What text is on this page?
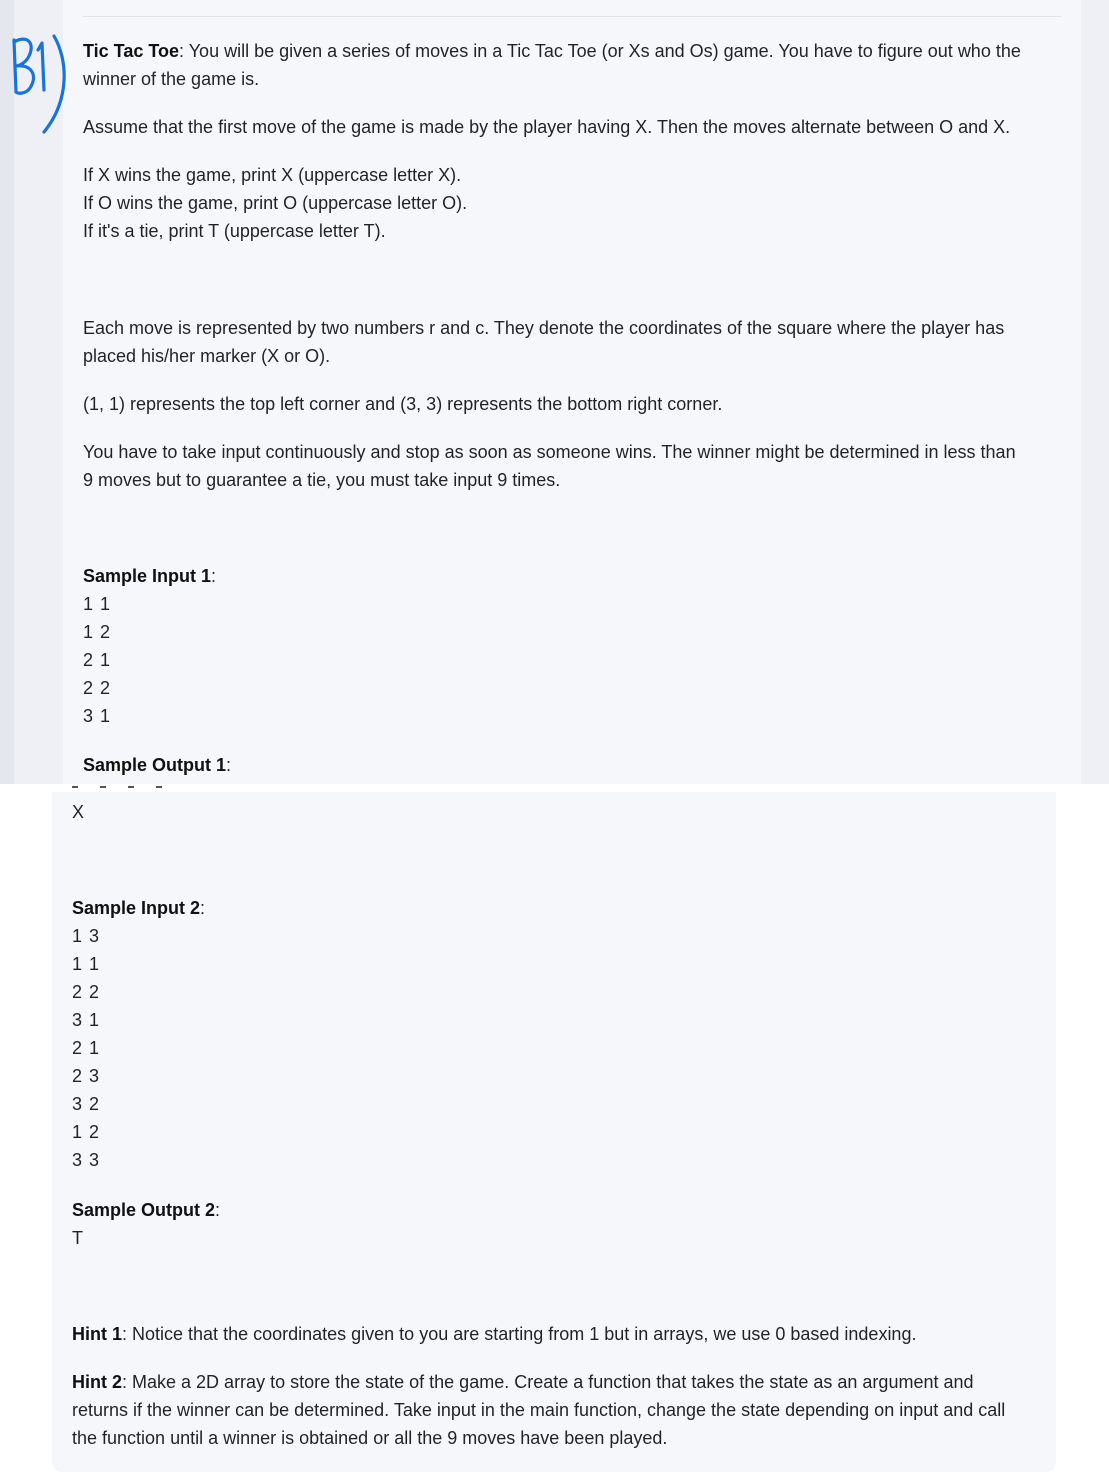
Tic Tac Toe: You will be given a series of moves in a Tic Tac Toe (or Xs and Os) game. You have to figure out who the

winner of the game is.

Assume that the first move of the game is made by the player having X. Then the moves alternate between O and X.

If X wins the game, print X (uppercase letter X).

If O wins the game, print O (uppercase letter O).

If it's a tie, print T (uppercase letter T).

Each move is represented by two numbers r and c. They denote the coordinates of the square where the player has

placed his/her marker (X or O).

(1, 1) represents the top left corner and (3, 3) represents the bottom right corner.

You have to take input continuously and stop as soon as someone wins. The winner might be determined in less than

9 moves but to guarantee a tie, you must take input 9 times.

Sample Input 1:

1 1
1 2
2 1
2 2
3 1

Sample Output 1:

X

Sample Input 2:

1 3
1 1
2 2
3 1
2 1
2 3
3 2
1 2
3 3

Sample Output 2:

T

Hint 1: Notice that the coordinates given to you are starting from 1 but in arrays, we use 0 based indexing.

Hint 2: Make a 2D array to store the state of the game. Create a function that takes the state as an argument and

returns if the winner can be determined. Take input in the main function, change the state depending on input and call

the function until a winner is obtained or all the 9 moves have been played.
